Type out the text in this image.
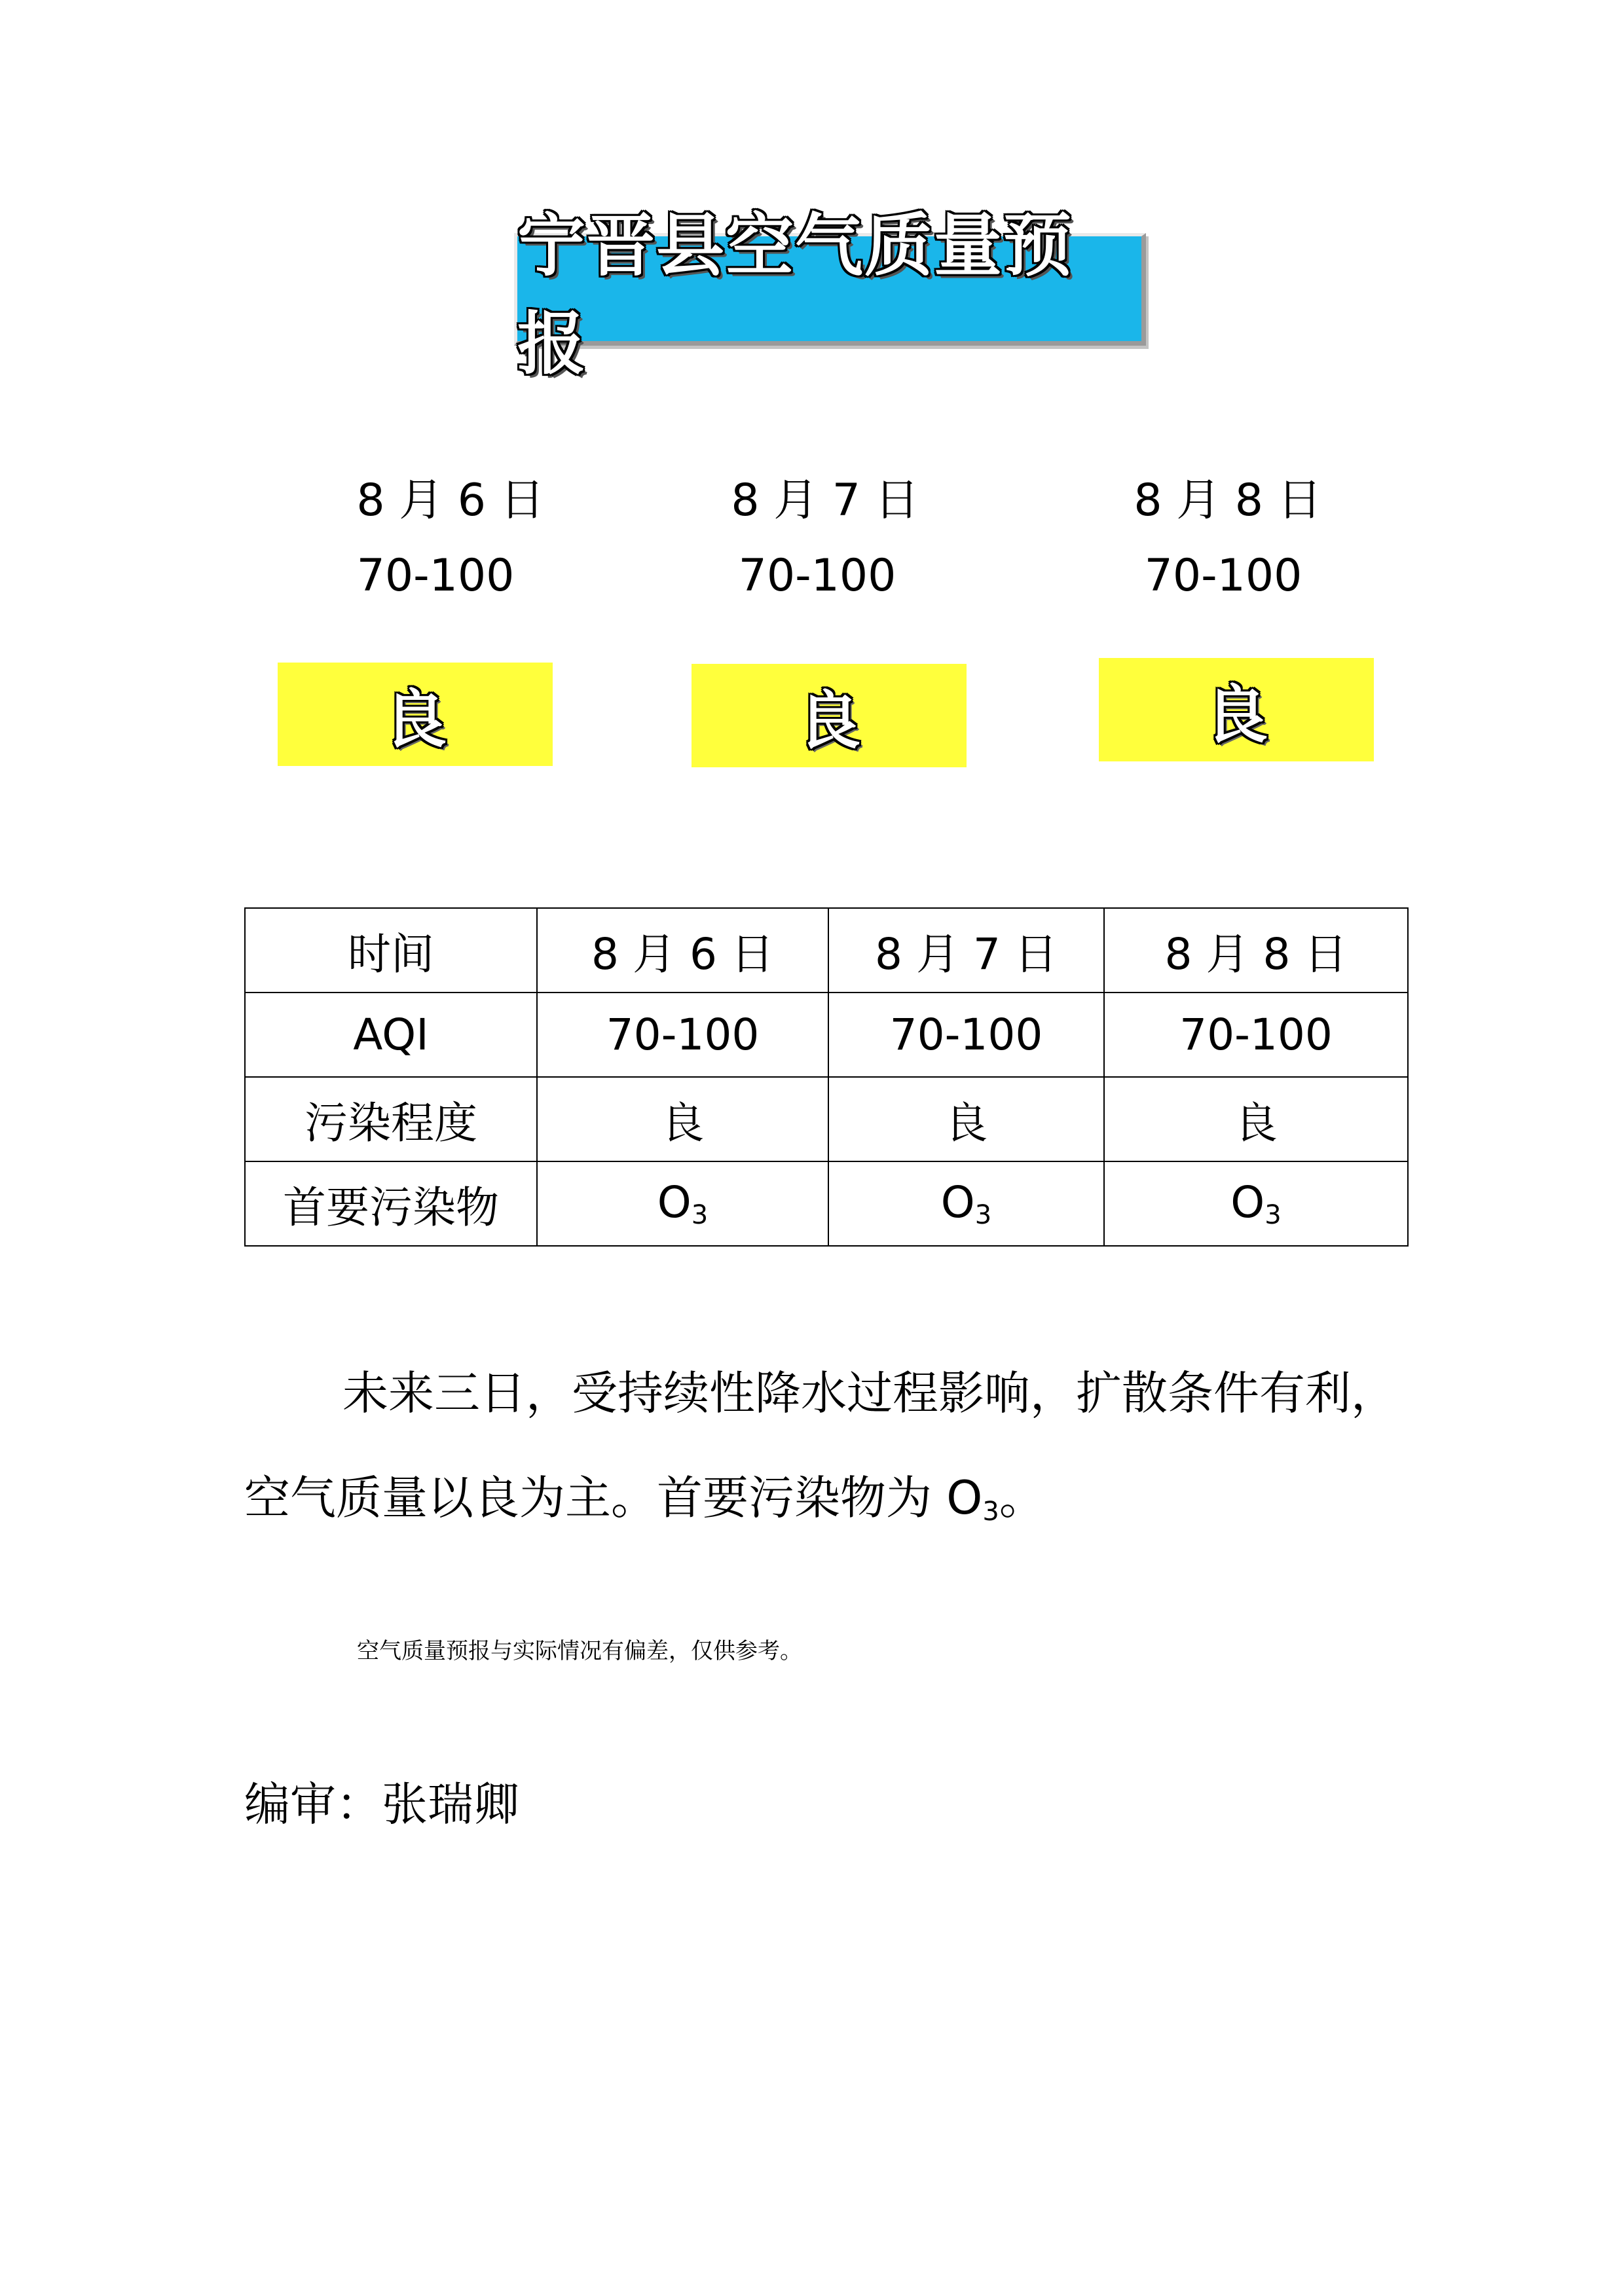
宁晋县空气质量预报
8 月 6 日
70-100
良
8 月 7 日
70-100
良
8 月 8 日
70-100
良
时间	8 月 6 日	8 月 7 日	8 月 8 日
AQI	70-100	70-100	70-100
污染程度	良	良	良
首要污染物	$O_3$	$O_3$	$O_3$
未来三日，受持续性降水过程影响，扩散条件有利，空气质量以良为主。首要污染物为 $O_3$。
空气质量预报与实际情况有偏差，仅供参考。
编审：张瑞卿
